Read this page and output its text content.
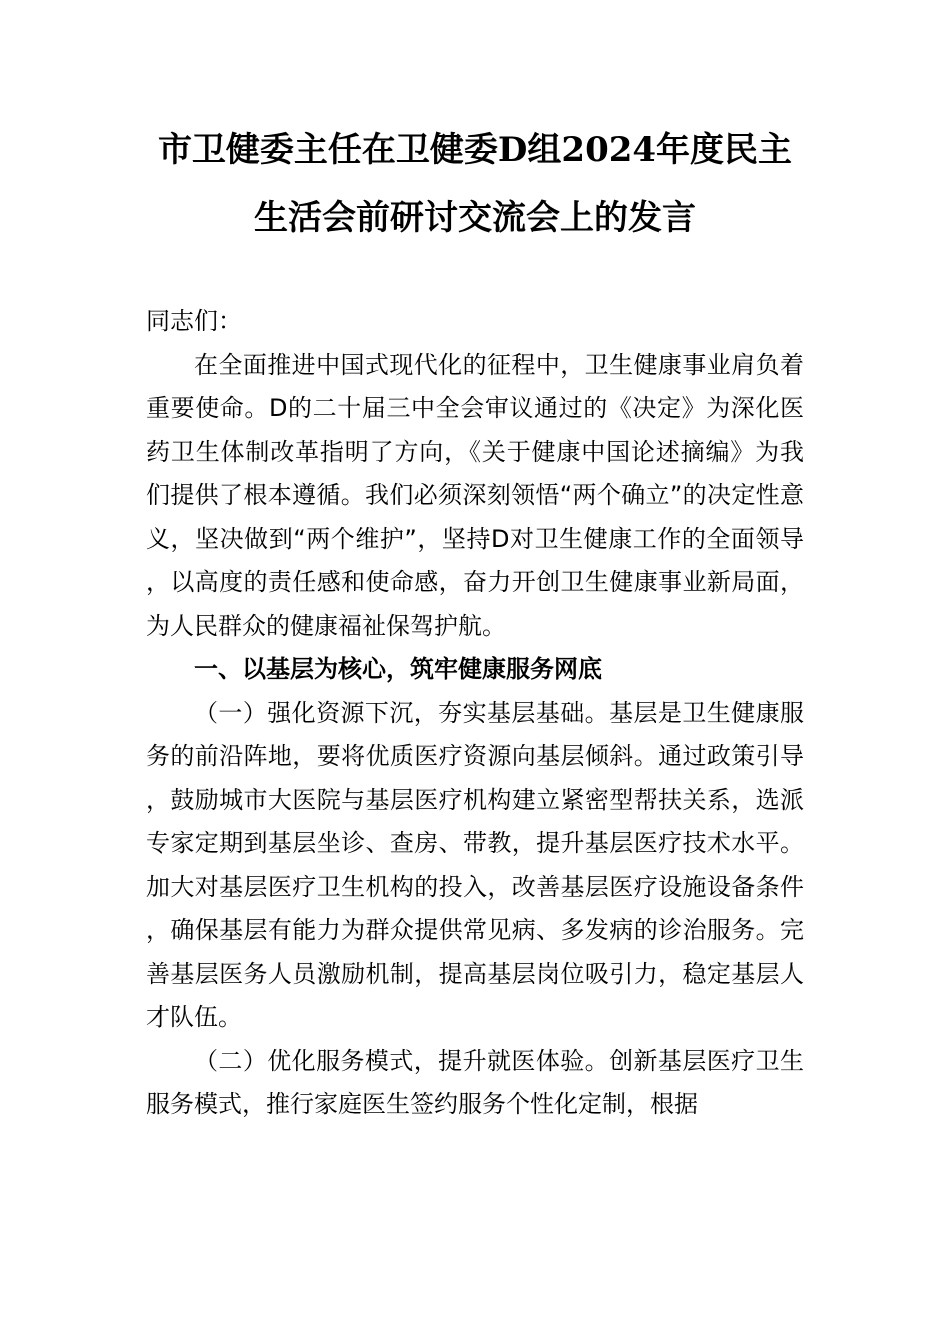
市卫健委主任在卫健委D组2024年度民主
生活会前研讨交流会上的发言

同志们：

在全面推进中国式现代化的征程中，卫生健康事业肩负着重要使命。D的二十届三中全会审议通过的《决定》为深化医药卫生体制改革指明了方向，《关于健康中国论述摘编》为我们提供了根本遵循。我们必须深刻领悟“两个确立”的决定性意义，坚决做到“两个维护”，坚持D对卫生健康工作的全面领导，以高度的责任感和使命感，奋力开创卫生健康事业新局面，为人民群众的健康福祉保驾护航。

一、以基层为核心，筑牢健康服务网底

（一）强化资源下沉，夯实基层基础。基层是卫生健康服务的前沿阵地，要将优质医疗资源向基层倾斜。通过政策引导，鼓励城市大医院与基层医疗机构建立紧密型帮扶关系，选派专家定期到基层坐诊、查房、带教，提升基层医疗技术水平。加大对基层医疗卫生机构的投入，改善基层医疗设施设备条件，确保基层有能力为群众提供常见病、多发病的诊治服务。完善基层医务人员激励机制，提高基层岗位吸引力，稳定基层人才队伍。

（二）优化服务模式，提升就医体验。创新基层医疗卫生服务模式，推行家庭医生签约服务个性化定制，根据
